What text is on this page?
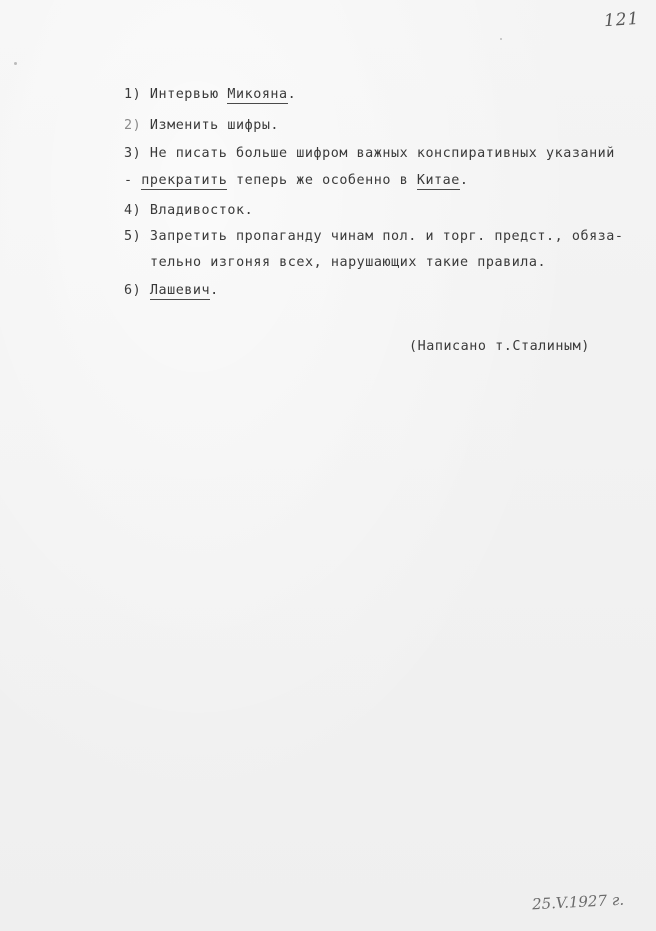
121
1) Интервью Микояна.
2) Изменить шифры.
3) Не писать больше шифром важных конспиративных указаний
- прекратить теперь же особенно в Китае.
4) Владивосток.
5) Запретить пропаганду чинам пол. и торг. предст., обяза-
тельно изгоняя всех, нарушающих такие правила.
6) Лашевич.
(Написано т.Сталиным)
25.V.1927 г.
